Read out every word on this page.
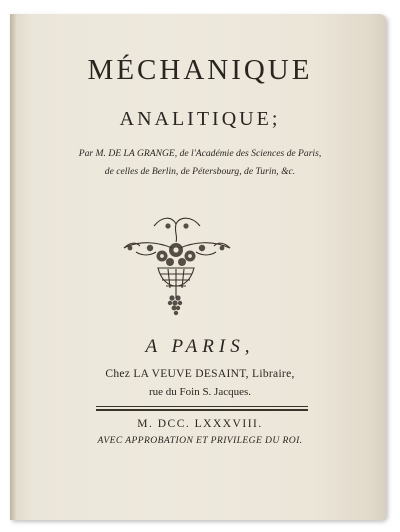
MÉCHANIQUE
ANALITIQUE;
Par M. DE LA GRANGE, de l'Académie des Sciences de Paris,
de celles de Berlin, de Pétersbourg, de Turin, &c.
A PARIS,
Chez LA VEUVE DESAINT, Libraire,
rue du Foin S. Jacques.
M. DCC. LXXXVIII.
AVEC APPROBATION ET PRIVILEGE DU ROI.
